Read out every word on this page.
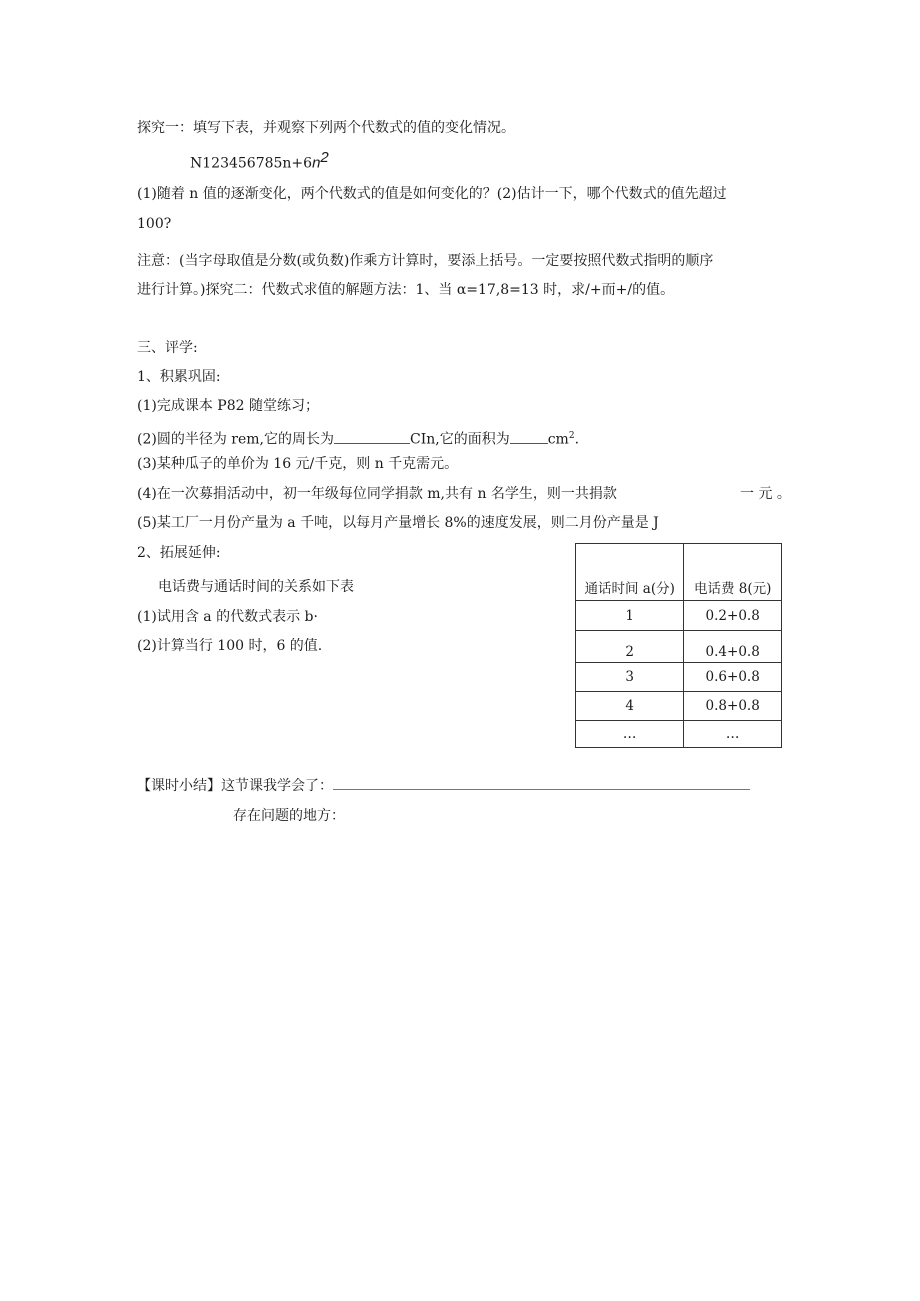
探究一：填写下表，并观察下列两个代数式的值的变化情况。
$N123456785n+6n^2$
(1)随着 n 值的逐渐变化，两个代数式的值是如何变化的？(2)估计一下，哪个代数式的值先超过
100?
注意：(当字母取值是分数(或负数)作乘方计算时，要添上括号。一定要按照代数式指明的顺序
进行计算。)探究二：代数式求值的解题方法：1、当 α=17,8=13 时，求/+而+/的值。
三、评学:
1、积累巩固:
(1)完成课本 P82 随堂练习；
(2)圆的半径为 rem,它的周长为	CIn,它的面积为	$cm^2$.
(3)某种瓜子的单价为 16 元/千克，则 n 千克需元。
(4)在一次募捐活动中，初一年级每位同学捐款 m,共有 n 名学生，则一共捐款	一 元 。
(5)某工厂一月份产量为 a 千吨，以每月产量增长 8%的速度发展，则二月份产量是 J
2、拓展延伸:
电话费与通话时间的关系如下表
(1)试用含 a 的代数式表示 b·
(2)计算当行 100 时，6 的值.
通话时间 a(分)	电话费 8(元)
1	0.2+0.8
2	0.4+0.8
3	0.6+0.8
4	0.8+0.8
…	…
【课时小结】这节课我学会了：
存在问题的地方：
